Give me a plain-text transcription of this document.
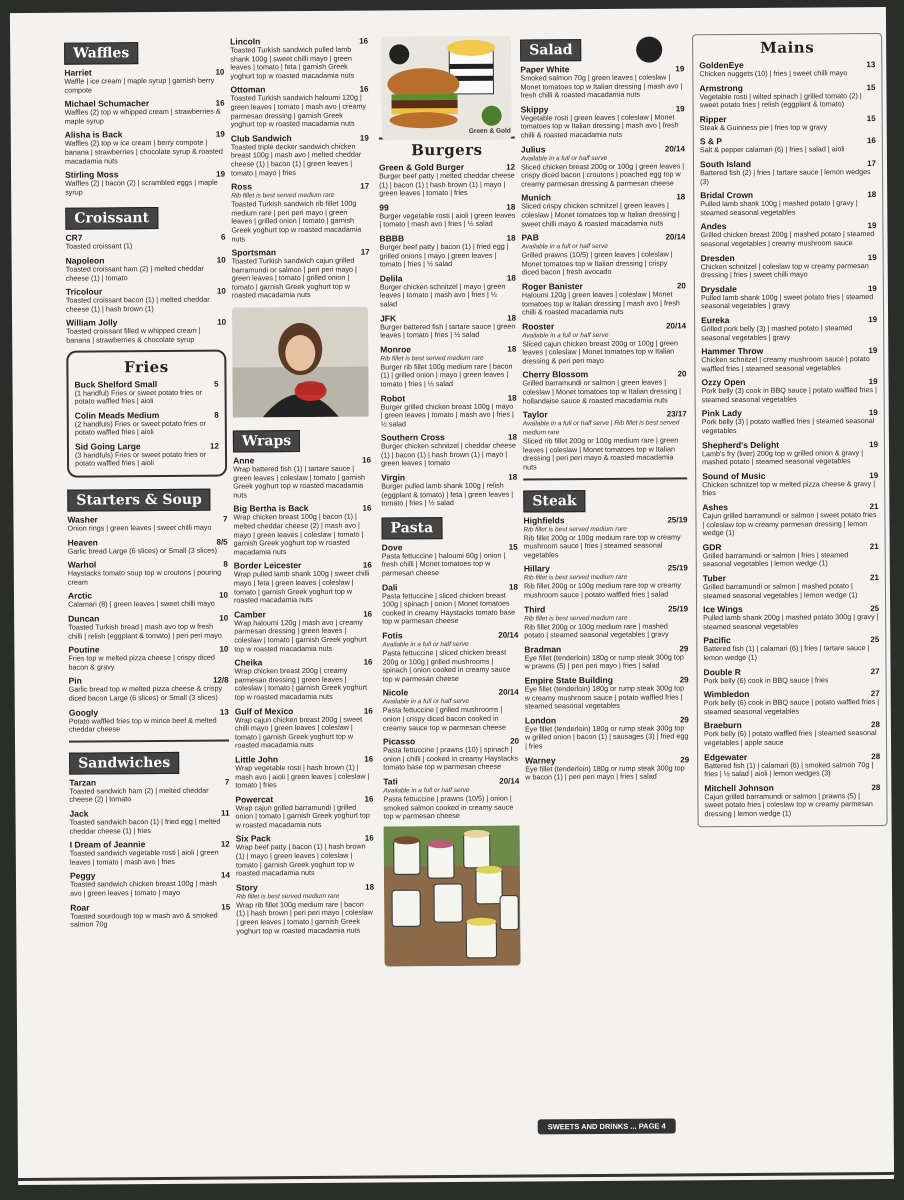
Waffles
Harriet	10
Waffle | ice cream | maple syrup | garnish berry compote
Michael Schumacher	16
Waffles (2) top w whipped cream | strawberries & maple syrup
Alisha is Back	19
Waffles (2) top w ice cream | berry compote | banana | strawberries | chocolate syrup & roasted macadamia nuts
Stirling Moss	19
Waffles (2) | bacon (2) | scrambled eggs | maple syrup
Croissant
CR7	6
Toasted croissant (1)
Napoleon	10
Toasted croissant ham (2) | melted cheddar cheese (1) | tomato
Tricolour	10
Toasted croissant bacon (1) | melted cheddar cheese (1) | hash brown (1)
William Jolly	10
Toasted croissant filled w whipped cream | banana | strawberries & chocolate syrup
Fries
Buck Shelford Small	5
(1 handful) Fries or sweet potato fries or potato waffled fries | aioli
Colin Meads Medium	8
(2 handfuls) Fries or sweet potato fries or potato waffled fries | aioli
Sid Going Large	12
(3 handfuls) Fries or sweet potato fries or potato waffled fries | aioli
Starters & Soup
Washer	7
Onion rings | green leaves | sweet chilli mayo
Heaven	8/5
Garlic bread Large (6 slices) or Small (3 slices)
Warhol	8
Haystacks tomato soup top w croutons | pouring cream
Arctic	10
Calamari (8) | green leaves | sweet chilli mayo
Duncan	10
Toasted Turkish bread | mash avo top w fresh chilli | relish (eggplant & tomato) | peri peri mayo
Poutine	10
Fries top w melted pizza cheese | crispy diced bacon & gravy
Pin	12/8
Garlic bread top w melted pizza cheese & crispy diced bacon Large (6 slices) or Small (3 slices)
Googly	13
Potato waffled fries top w mince beef & melted cheddar cheese
Sandwiches
Tarzan	7
Toasted sandwich ham (2) | melted cheddar cheese (2) | tomato
Jack	11
Toasted sandwich bacon (1) | fried egg | melted cheddar cheese (1) | fries
I Dream of Jeannie	12
Toasted sandwich vegetable rosti | aioli | green leaves | tomato | mash avo | fries
Peggy	14
Toasted sandwich chicken breast 100g | mash avo | green leaves | tomato | mayo
Roar	15
Toasted sourdough top w mash avo & smoked salmon 70g
Lincoln	16
Toasted Turkish sandwich pulled lamb shank 100g | sweet chilli mayo | green leaves | tomato | feta | garnish Greek yoghurt top w roasted macadamia nuts
Ottoman	16
Toasted Turkish sandwich haloumi 120g | green leaves | tomato | mash avo | creamy parmesan dressing | garnish Greek yoghurt top w roasted macadamia nuts
Club Sandwich	19
Toasted triple decker sandwich chicken breast 100g | mash avo | melted cheddar cheese (1) | bacon (1) | green leaves | tomato | mayo | fries
Ross	17
Rib fillet is best served medium rare
Toasted Turkish sandwich rib fillet 100g medium rare | peri peri mayo | green leaves | grilled onion | tomato | garnish Greek yoghurt top w roasted macadamia nuts
Sportsman	17
Toasted Turkish sandwich cajun grilled barramundi or salmon | peri peri mayo | green leaves | tomato | grilled onion | tomato | garnish Greek yoghurt top w roasted macadamia nuts
Wraps
Anne	16
Wrap battered fish (1) | tartare sauce | green leaves | coleslaw | tomato | garnish Greek yoghurt top w roasted macadamia nuts
Big Bertha is Back	16
Wrap chicken breast 100g | bacon (1) | melted cheddar cheese (2) | mash avo | mayo | green leaves | coleslaw | tomato | garnish Greek yoghurt top w roasted macadamia nuts
Border Leicester	16
Wrap pulled lamb shank 100g | sweet chilli mayo | feta | green leaves | coleslaw | tomato | garnish Greek yoghurt top w roasted macadamia nuts
Camber	16
Wrap haloumi 120g | mash avo | creamy parmesan dressing | green leaves | coleslaw | tomato | garnish Greek yoghurt top w roasted macadamia nuts
Cheika	16
Wrap chicken breast 200g | creamy parmesan dressing | green leaves | coleslaw | tomato | garnish Greek yoghurt top w roasted macadamia nuts
Gulf of Mexico	16
Wrap cajun chicken breast 200g | sweet chilli mayo | green leaves | coleslaw | tomato | garnish Greek yoghurt top w roasted macadamia nuts
Little John	16
Wrap vegetable rosti | hash brown (1) | mash avo | aioli | green leaves | coleslaw | tomato | fries
Powercat	16
Wrap cajun grilled barramundi | grilled onion | tomato | garnish Greek yoghurt top w roasted macadamia nuts
Six Pack	16
Wrap beef patty | bacon (1) | hash brown (1) | mayo | green leaves | coleslaw | tomato | garnish Greek yoghurt top w roasted macadamia nuts
Story	18
Rib fillet is best served medium rare
Wrap rib fillet 100g medium rare | bacon (1) | hash brown | peri peri mayo | coleslaw | green leaves | tomato | garnish Greek yoghurt top w roasted macadamia nuts
Green & Gold
Burgers
Green & Gold Burger	12
Burger beef patty | melted cheddar cheese (1) | bacon (1) | hash brown (1) | mayo | green leaves | tomato | fries
99	18
Burger vegetable rosti | aioli | green leaves | tomato | mash avo | fries | ½ salad
BBBB	18
Burger beef patty | bacon (1) | fried egg | grilled onions | mayo | green leaves | tomato | fries | ½ salad
Delila	18
Burger chicken schnitzel | mayo | green leaves | tomato | mash avo | fries | ½ salad
JFK	18
Burger battered fish | tartare sauce | green leaves | tomato | fries | ½ salad
Monroe	18
Rib fillet is best served medium rare
Burger rib fillet 100g medium rare | bacon (1) | grilled onion | mayo | green leaves | tomato | fries | ½ salad
Robot	18
Burger grilled chicken breast 100g | mayo | green leaves | tomato | mash avo | fries | ½ salad
Southern Cross	18
Burger chicken schnitzel | cheddar cheese (1) | bacon (1) | hash brown (1) | mayo | green leaves | tomato
Virgin	18
Burger pulled lamb shank 100g | relish (eggplant & tomato) | feta | green leaves | tomato | fries | ½ salad
Pasta
Dove	15
Pasta fettuccine | haloumi 60g | onion | fresh chilli | Monet tomatoes top w parmesan cheese
Dali	18
Pasta fettuccine | sliced chicken breast 100g | spinach | onion | Monet tomatoes cooked in creamy Haystacks tomato base top w parmesan cheese
Fotis	20/14
Available in a full or half serve
Pasta fettuccine | sliced chicken breast 200g or 100g | grilled mushrooms | spinach | onion cooked in creamy sauce top w parmesan cheese
Nicole	20/14
Available in a full or half serve
Pasta fettuccine | grilled mushrooms | onion | crispy diced bacon cooked in creamy sauce top w parmesan cheese
Picasso	20
Pasta fettuccine | prawns (10) | spinach | onion | chilli | cooked in creamy Haystacks tomato base top w parmesan cheese
Tati	20/14
Available in a full or half serve
Pasta fettuccine | prawns (10/5) | onion | smoked salmon cooked in creamy sauce top w parmesan cheese
Salad
Paper White	19
Smoked salmon 70g | green leaves | coleslaw | Monet tomatoes top w Italian dressing | mash avo | fresh chilli & roasted macadamia nuts
Skippy	19
Vegetable rosti | green leaves | coleslaw | Monet tomatoes top w Italian dressing | mash avo | fresh chilli & roasted macadamia nuts
Julius	20/14
Available in a full or half serve
Sliced chicken breast 200g or 100g | green leaves | crispy diced bacon | croutons | poached egg top w creamy parmesan dressing & parmesan cheese
Munich	18
Sliced crispy chicken schnitzel | green leaves | coleslaw | Monet tomatoes top w Italian dressing | sweet chilli mayo & roasted macadamia nuts
PAB	20/14
Available in a full or half serve
Grilled prawns (10/5) | green leaves | coleslaw | Monet tomatoes top w Italian dressing | crispy diced bacon | fresh avocado
Roger Banister	20
Haloumi 120g | green leaves | coleslaw | Monet tomatoes top w Italian dressing | mash avo | fresh chilli & roasted macadamia nuts
Rooster	20/14
Available in a full or half serve
Sliced cajun chicken breast 200g or 100g | green leaves | coleslaw | Monet tomatoes top w Italian dressing & peri peri mayo
Cherry Blossom	20
Grilled barramundi or salmon | green leaves | coleslaw | Monet tomatoes top w Italian dressing | hollandaise sauce & roasted macadamia nuts
Taylor	23/17
Available in a full or half serve | Rib fillet is best served medium rare
Sliced rib fillet 200g or 100g medium rare | green leaves | coleslaw | Monet tomatoes top w Italian dressing | peri peri mayo & roasted macadamia nuts
Steak
Highfields	25/19
Rib fillet is best served medium rare
Rib fillet 200g or 100g medium rare top w creamy mushroom sauce | fries | steamed seasonal vegetables
Hillary	25/19
Rib fillet is best served medium rare
Rib fillet 200g or 100g medium rare top w creamy mushroom sauce | potato waffled fries | salad
Third	25/19
Rib fillet is best served medium rare
Rib fillet 200g or 100g medium rare | mashed potato | steamed seasonal vegetables | gravy
Bradman	29
Eye fillet (tenderloin) 180g or rump steak 300g top w prawns (5) | peri peri mayo | fries | salad
Empire State Building	29
Eye fillet (tenderloin) 180g or rump steak 300g top w creamy mushroom sauce | potato waffled fries | steamed seasonal vegetables
London	29
Eye fillet (tenderloin) 180g or rump steak 300g top w grilled onion | bacon (1) | sausages (3) | fried egg | fries
Warney	29
Eye fillet (tenderloin) 180g or rump steak 300g top w bacon (1) | peri peri mayo | fries | salad
Mains
GoldenEye	13
Chicken nuggets (10) | fries | sweet chilli mayo
Armstrong	15
Vegetable rosti | wilted spinach | grilled tomato (2) | sweet potato fries | relish (eggplant & tomato)
Ripper	15
Steak & Guinness pie | fries top w gravy
S & P	16
Salt & pepper calamari (6) | fries | salad | aioli
South Island	17
Battered fish (2) | fries | tartare sauce | lemon wedges (3)
Bridal Crown	18
Pulled lamb shank 100g | mashed potato | gravy | steamed seasonal vegetables
Andes	19
Grilled chicken breast 200g | mashed potato | steamed seasonal vegetables | creamy mushroom sauce
Dresden	19
Chicken schnitzel | coleslaw top w creamy parmesan dressing | fries | sweet chilli mayo
Drysdale	19
Pulled lamb shank 100g | sweet potato fries | steamed seasonal vegetables | gravy
Eureka	19
Grilled pork belly (3) | mashed potato | steamed seasonal vegetables | gravy
Hammer Throw	19
Chicken schnitzel | creamy mushroom sauce | potato waffled fries | steamed seasonal vegetables
Ozzy Open	19
Pork belly (3) cook in BBQ sauce | potato waffled fries | steamed seasonal vegetables
Pink Lady	19
Pork belly (3) | potato waffled fries | steamed seasonal vegetables
Shepherd's Delight	19
Lamb's fry (liver) 200g top w grilled onion & gravy | mashed potato | steamed seasonal vegetables
Sound of Music	19
Chicken schnitzel top w melted pizza cheese & gravy | fries
Ashes	21
Cajun grilled barramundi or salmon | sweet potato fries | coleslaw top w creamy parmesan dressing | lemon wedge (1)
GDR	21
Grilled barramundi or salmon | fries | steamed seasonal vegetables | lemon wedge (1)
Tuber	21
Grilled barramundi or salmon | mashed potato | steamed seasonal vegetables | lemon wedge (1)
Ice Wings	25
Pulled lamb shank 200g | mashed potato 300g | gravy | steamed seasonal vegetables
Pacific	25
Battered fish (1) | calamari (6) | fries | tartare sauce | lemon wedge (1)
Double R	27
Pork belly (6) cook in BBQ sauce | fries
Wimbledon	27
Pork belly (6) cook in BBQ sauce | potato waffled fries | steamed seasonal vegetables
Braeburn	28
Pork belly (6) | potato waffled fries | steamed seasonal vegetables | apple sauce
Edgewater	28
Battered fish (1) | calamari (6) | smoked salmon 70g | fries | ½ salad | aioli | lemon wedges (3)
Mitchell Johnson	28
Cajun grilled barramundi or salmon | prawns (5) | sweet potato fries | coleslaw top w creamy parmesan dressing | lemon wedge (1)
SWEETS AND DRINKS ... PAGE 4
